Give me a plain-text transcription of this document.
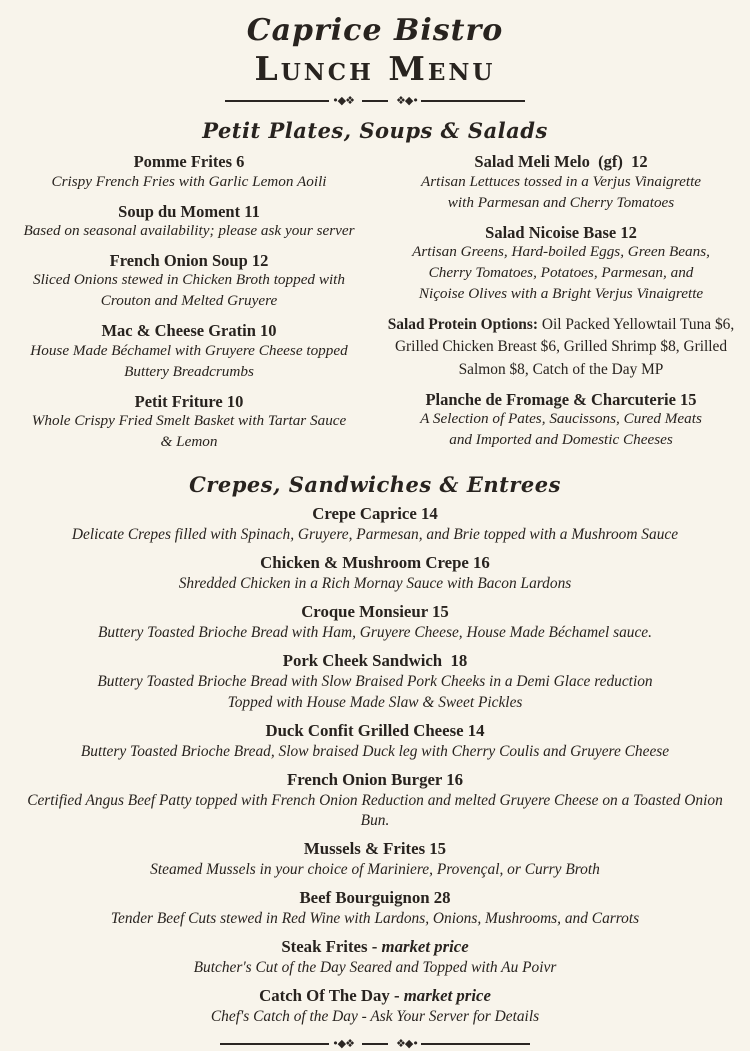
Caprice Bistro
Lunch Menu
•◆❖	❖◆•
Petit Plates, Soups & Salads

Pomme Frites 6

Crispy French Fries with Garlic Lemon Aoili

Soup du Moment 11

Based on seasonal availability; please ask your server

French Onion Soup 12

Sliced Onions stewed in Chicken Broth topped with
Crouton and Melted Gruyere

Mac & Cheese Gratin 10

House Made Béchamel with Gruyere Cheese topped
Buttery Breadcrumbs

Petit Friture 10

Whole Crispy Fried Smelt Basket with Tartar Sauce
& Lemon

Salad Meli Melo  (gf)  12

Artisan Lettuces tossed in a Verjus Vinaigrette
with Parmesan and Cherry Tomatoes

Salad Nicoise Base 12

Artisan Greens, Hard-boiled Eggs, Green Beans,
Cherry Tomatoes, Potatoes, Parmesan, and
Niçoise Olives with a Bright Verjus Vinaigrette

Salad Protein Options: Oil Packed Yellowtail Tuna $6,
Grilled Chicken Breast $6, Grilled Shrimp $8, Grilled
Salmon $8, Catch of the Day MP

Planche de Fromage & Charcuterie 15

A Selection of Pates, Saucissons, Cured Meats
and Imported and Domestic Cheeses

Crepes, Sandwiches & Entrees

Crepe Caprice 14

Delicate Crepes filled with Spinach, Gruyere, Parmesan, and Brie topped with a Mushroom Sauce

Chicken & Mushroom Crepe 16

Shredded Chicken in a Rich Mornay Sauce with Bacon Lardons

Croque Monsieur 15

Buttery Toasted Brioche Bread with Ham, Gruyere Cheese, House Made Béchamel sauce.

Pork Cheek Sandwich  18

Buttery Toasted Brioche Bread with Slow Braised Pork Cheeks in a Demi Glace reduction
Topped with House Made Slaw & Sweet Pickles

Duck Confit Grilled Cheese 14

Buttery Toasted Brioche Bread, Slow braised Duck leg with Cherry Coulis and Gruyere Cheese

French Onion Burger 16

Certified Angus Beef Patty topped with French Onion Reduction and melted Gruyere Cheese on a Toasted Onion Bun.

Mussels & Frites 15

Steamed Mussels in your choice of Mariniere, Provençal, or Curry Broth

Beef Bourguignon 28

Tender Beef Cuts stewed in Red Wine with Lardons, Onions, Mushrooms, and Carrots

Steak Frites - market price

Butcher's Cut of the Day Seared and Topped with Au Poivr

Catch Of The Day - market price

Chef's Catch of the Day - Ask Your Server for Details

•◆❖	❖◆•
